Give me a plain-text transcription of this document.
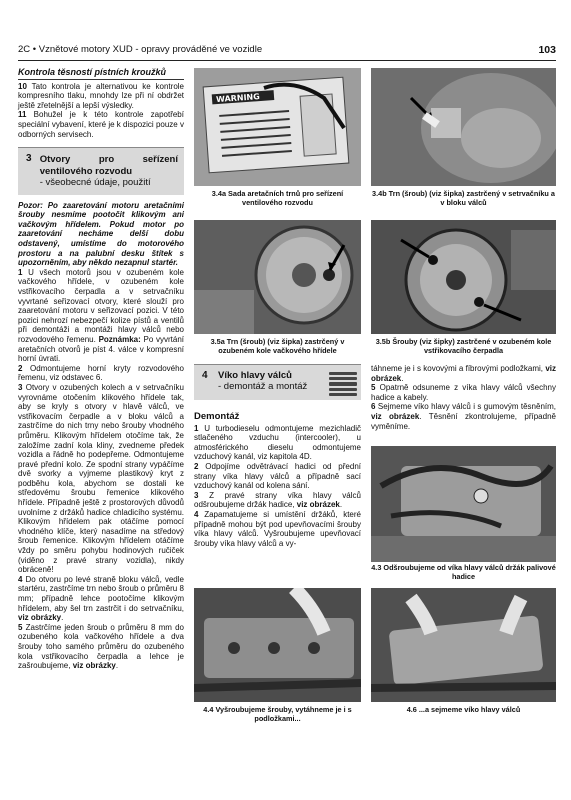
2C • Vznětové motory XUD - opravy prováděné ve vozidle	103
Kontrola těsností pístních kroužků

10 Tato kontrola je alternativou ke kontrole kompresního tlaku, mnohdy lze při ní obdržet ještě zřetelnější a lepší výsledky.

11 Bohužel je k této kontrole zapotřebí speciální vybavení, které je k dispozici pouze v odborných servisech.

3 Otvory pro seřízení ventilového rozvodu
- všeobecné údaje, použití

Pozor: Po zaaretování motoru aretačními šrouby nesmíme pootočit klikovým ani vačkovým hřídelem. Pokud motor po zaaretování necháme delší dobu odstavený, umístíme do motorového prostoru a na palubní desku štítek s upozorněním, aby někdo nezapnul startér.

1 U všech motorů jsou v ozubeném kole vačkového hřídele, v ozubeném kole vstřikovacího čerpadla a v setrvačníku vyvrtané seřizovací otvory, které slouží pro zaaretování motoru v seřizovací pozici. V této pozici nehrozí nebezpečí kolize pístů a ventilů při demontáži a montáži hlavy válců nebo rozvodového řemenu. Poznámka: Po vyvrtání aretačních otvorů je píst 4. válce v kompresní horní úvrati.

2 Odmontujeme horní kryty rozvodového řemenu, viz odstavec 6.

3 Otvory v ozubených kolech a v setrvačníku vyrovnáme otočením klikového hřídele tak, aby se kryly s otvory v hlavě válců, ve vstřikovacím čerpadle a v bloku válců a zastrčíme do nich trny nebo šrouby vhodného průměru. Klikovým hřídelem otočíme tak, že založíme zadní kola kliny, zvedneme předek vozidla a řádně ho podepřeme. Odmontujeme pravé přední kolo. Ze spodní strany vypáčíme dvě svorky a vyjmeme plastikový kryt z podběhu kola, abychom se dostali ke středovému šroubu řemenice klikového hřídele. Případně ještě z prostorových důvodů uvolníme z držáků hadice chladicího systému. Klikovým hřídelem pak otáčíme pomocí vhodného klíče, který nasadíme na středový šroub řemenice. Klikovým hřídelem otáčíme vždy po směru pohybu hodinových ručiček (viděno z pravé strany vozidla), nikdy obráceně!

4 Do otvoru po levé straně bloku válců, vedle startéru, zastrčíme trn nebo šroub o průměru 8 mm; případně lehce pootočíme klikovým hřídelem, aby šel trn zastrčit i do setrvačníku, viz obrázky.

5 Zastrčíme jeden šroub o průměru 8 mm do ozubeného kola vačkového hřídele a dva šrouby toho samého průměru do ozubeného kola vstřikovacího čerpadla a lehce je zašroubujeme, viz obrázky.

WARNING
3.4a Sada aretačních trnů pro seřízení ventilového rozvodu
3.4b Trn (šroub) (viz šipka) zastrčený v setrvačníku a v bloku válců
3.5a Trn (šroub) (viz šipka) zastrčený v ozubeném kole vačkového hřídele
3.5b Šrouby (viz šipky) zastrčené v ozubeném kole vstřikovacího čerpadla
4	Víko hlavy válců
- demontáž a montáž
Demontáž

1 U turbodieselu odmontujeme mezichladič stlačeného vzduchu (intercooler), u atmosférického dieselu odmontujeme vzduchový kanál, viz kapitola 4D.

2 Odpojíme odvětrávací hadici od přední strany víka hlavy válců a případně sací vzduchový kanál od kolena sání.

3 Z pravé strany víka hlavy válců odšroubujeme držák hadice, viz obrázek.

4 Zapamatujeme si umístění držáků, které případně mohou být pod upevňovacími šrouby víka hlavy válců. Vyšroubujeme upevňovací šrouby víka hlavy válců a vy-

táhneme je i s kovovými a fíbrovými podložkami, viz obrázek.

5 Opatrně odsuneme z víka hlavy válců všechny hadice a kabely.

6 Sejmeme víko hlavy válců i s gumovým těsněním, viz obrázek. Těsnění zkontrolujeme, případně vyměníme.

4.3 Odšroubujeme od víka hlavy válců držák palivové hadice
4.4 Vyšroubujeme šrouby, vytáhneme je i s podložkami...
4.6 ...a sejmeme víko hlavy válců
